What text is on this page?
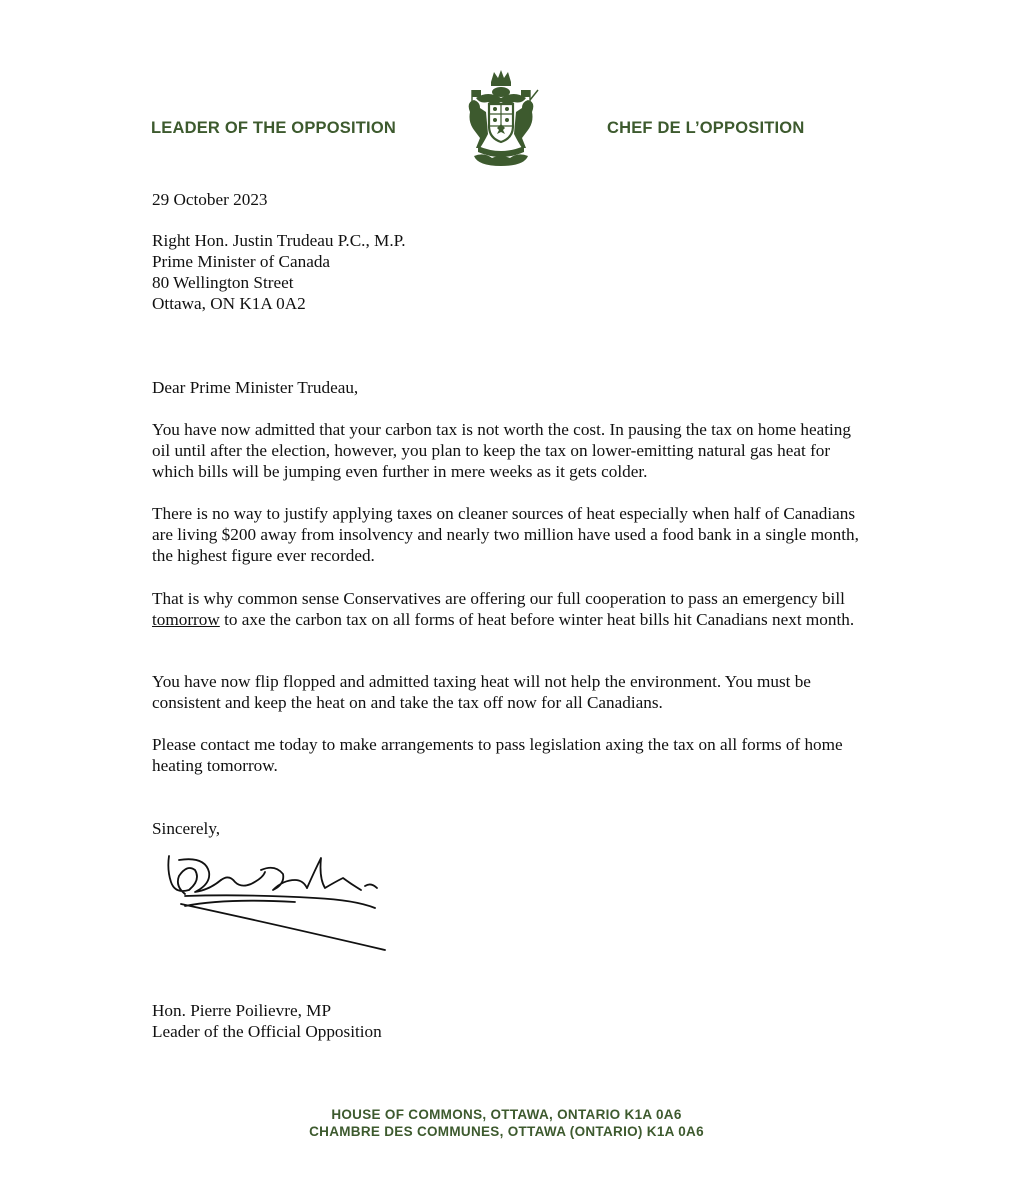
LEADER OF THE OPPOSITION	CHEF DE L’OPPOSITION
29 October 2023

Right Hon. Justin Trudeau P.C., M.P.

Prime Minister of Canada

80 Wellington Street

Ottawa, ON K1A 0A2

Dear Prime Minister Trudeau,
You have now admitted that your carbon tax is not worth the cost. In pausing the tax on home heating oil until after the election, however, you plan to keep the tax on lower-emitting natural gas heat for which bills will be jumping even further in mere weeks as it gets colder.
There is no way to justify applying taxes on cleaner sources of heat especially when half of Canadians are living $200 away from insolvency and nearly two million have used a food bank in a single month, the highest figure ever recorded.
That is why common sense Conservatives are offering our full cooperation to pass an emergency bill tomorrow to axe the carbon tax on all forms of heat before winter heat bills hit Canadians next month.
You have now flip flopped and admitted taxing heat will not help the environment. You must be consistent and keep the heat on and take the tax off now for all Canadians.
Please contact me today to make arrangements to pass legislation axing the tax on all forms of home heating tomorrow.
Sincerely,

Hon. Pierre Poilievre, MP

Leader of the Official Opposition

HOUSE OF COMMONS, OTTAWA, ONTARIO K1A 0A6
CHAMBRE DES COMMUNES, OTTAWA (ONTARIO) K1A 0A6
